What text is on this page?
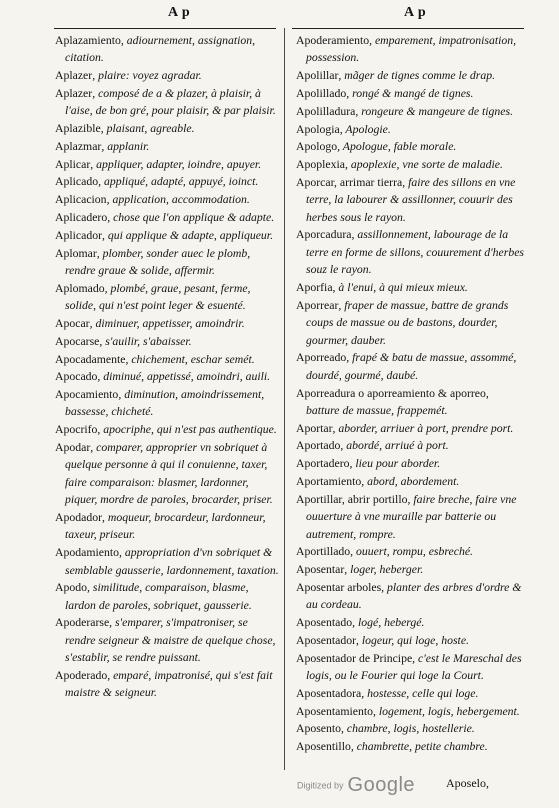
A p	A p

Aplazamiento, adiournement, assignation, citation.

Aplazer, plaire: voyez agradar.

Aplazer, composé de a & plazer, à plaisir, à l'aise, de bon gré, pour plaisir, & par plaisir.

Aplazible, plaisant, agreable.

Aplazmar, applanir.

Aplicar, appliquer, adapter, ioindre, apuyer.

Aplicado, appliqué, adapté, appuyé, ioinct.

Aplicacion, application, accommodation.

Aplicadero, chose que l'on applique & adapte.

Aplicador, qui applique & adapte, appliqueur.

Aplomar, plomber, sonder auec le plomb, rendre graue & solide, affermir.

Aplomado, plombé, graue, pesant, ferme, solide, qui n'est point leger & esuenté.

Apocar, diminuer, appetisser, amoindrir.

Apocarse, s'auilir, s'abaisser.

Apocadamente, chichement, eschar semét.

Apocado, diminué, appetissé, amoindri, auili.

Apocamiento, diminution, amoindrissement, bassesse, chicheté.

Apocrifo, apocriphe, qui n'est pas authentique.

Apodar, comparer, approprier vn sobriquet à quelque personne à qui il conuienne, taxer, faire comparaison: blasmer, lardonner, piquer, mordre de paroles, brocarder, priser.

Apodador, moqueur, brocardeur, lardonneur, taxeur, priseur.

Apodamiento, appropriation d'vn sobriquet & semblable gausserie, lardonnement, taxation.

Apodo, similitude, comparaison, blasme, lardon de paroles, sobriquet, gausserie.

Apoderarse, s'emparer, s'impatroniser, se rendre seigneur & maistre de quelque chose, s'establir, se rendre puissant.

Apoderado, emparé, impatronisé, qui s'est fait maistre & seigneur.

Apoderamiento, emparement, impatronisation, possession.

Apolillar, mãger de tignes comme le drap.

Apolillado, rongé & mangé de tignes.

Apolilladura, rongeure & mangeure de tignes.

Apologia, Apologie.

Apologo, Apologue, fable morale.

Apoplexia, apoplexie, vne sorte de maladie.

Aporcar, arrimar tierra, faire des sillons en vne terre, la labourer & assillonner, couurir des herbes sous le rayon.

Aporcadura, assillonnement, labourage de la terre en forme de sillons, couurement d'herbes souz le rayon.

Aporfia, à l'enui, à qui mieux mieux.

Aporrear, fraper de massue, battre de grands coups de massue ou de bastons, dourder, gourmer, dauber.

Aporreado, frapé & batu de massue, assommé, dourdé, gourmé, daubé.

Aporreadura o aporreamiento & aporreo, batture de massue, frappemét.

Aportar, aborder, arriuer à port, prendre port.

Aportado, abordé, arriué à port.

Aportadero, lieu pour aborder.

Aportamiento, abord, abordement.

Aportillar, abrir portillo, faire breche, faire vne ouuerture à vne muraille par batterie ou autrement, rompre.

Aportillado, ouuert, rompu, esbreché.

Aposentar, loger, heberger.

Aposentar arboles, planter des arbres d'ordre & au cordeau.

Aposentado, logé, hebergé.

Aposentador, logeur, qui loge, hoste.

Aposentador de Principe, c'est le Mareschal des logis, ou le Fourier qui loge la Court.

Aposentadora, hostesse, celle qui loge.

Aposentamiento, logement, logis, hebergement.

Aposento, chambre, logis, hostellerie.

Aposentillo, chambrette, petite chambre.

Digitized by Google	Aposelo,
